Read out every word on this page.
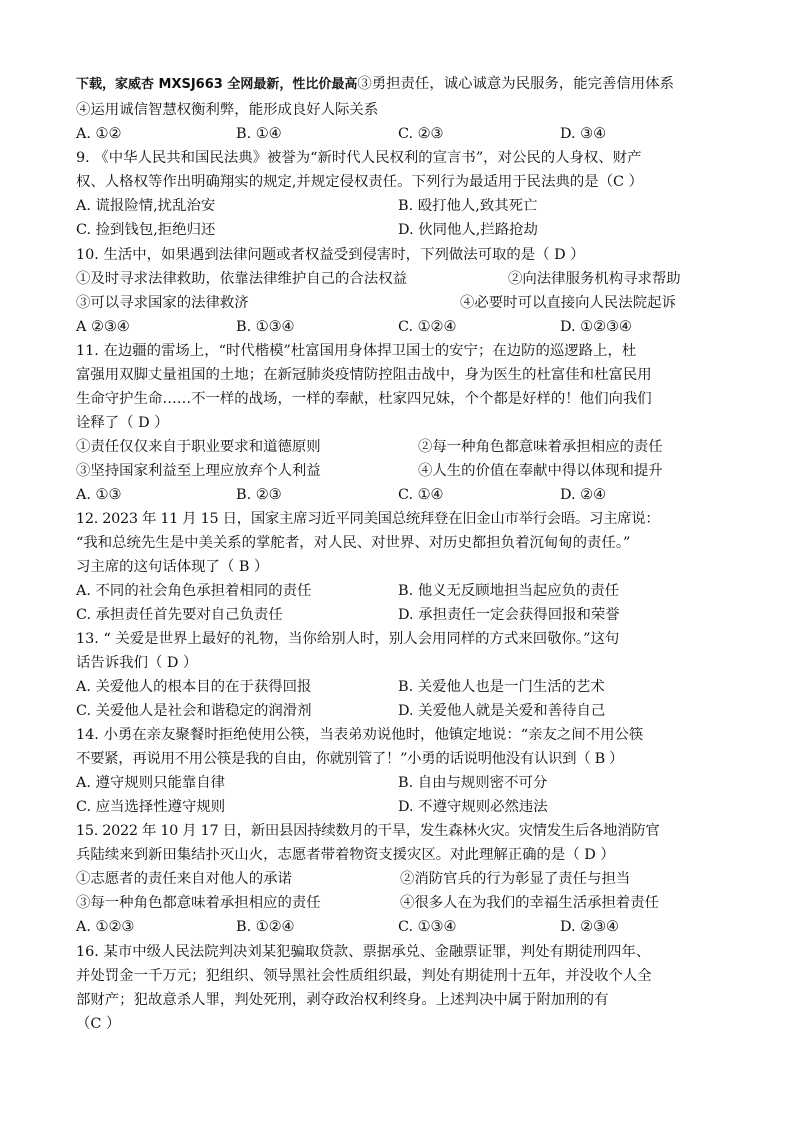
下载，家威杏 MXSJ663 全网最新，性比价最高③勇担责任，诚心诚意为民服务，能完善信用体系
④运用诚信智慧权衡利弊，能形成良好人际关系
A. ①②	B. ①④	C. ②③	D. ③④
9. 《中华人民共和国民法典》被誉为“新时代人民权利的宣言书”，对公民的人身权、财产
权、人格权等作出明确翔实的规定,并规定侵权责任。下列行为最适用于民法典的是（C ）
A. 谎报险情,扰乱治安	B. 殴打他人,致其死亡
C. 捡到钱包,拒绝归还	D. 伙同他人,拦路抢劫
10. 生活中，如果遇到法律问题或者权益受到侵害时，下列做法可取的是（ D ）
①及时寻求法律救助，依靠法律维护自己的合法权益	②向法律服务机构寻求帮助
③可以寻求国家的法律救济	④必要时可以直接向人民法院起诉
A ②③④	B. ①③④	C. ①②④	D. ①②③④
11. 在边疆的雷场上，“时代楷模”杜富国用身体捍卫国士的安宁；在边防的巡逻路上，杜
富强用双脚丈量祖国的土地；在新冠肺炎疫情防控阻击战中，身为医生的杜富佳和杜富民用
生命守护生命……不一样的战场，一样的奉献，杜家四兄妹，个个都是好样的！他们向我们
诠释了（ D ）
①责任仅仅来自于职业要求和道德原则	②每一种角色都意味着承担相应的责任
③坚持国家利益至上理应放弃个人利益	④人生的价值在奉献中得以体现和提升
A. ①③	B. ②③	C. ①④	D. ②④
12. 2023 年 11 月 15 日，国家主席习近平同美国总统拜登在旧金山市举行会晤。习主席说：
“我和总统先生是中美关系的掌舵者，对人民、对世界、对历史都担负着沉甸甸的责任。”
习主席的这句话体现了（ B ）
A. 不同的社会角色承担着相同的责任	B. 他义无反顾地担当起应负的责任
C. 承担责任首先要对自己负责任	D. 承担责任一定会获得回报和荣誉
13. “ 关爱是世界上最好的礼物，当你给别人时，别人会用同样的方式来回敬你。”这句
话告诉我们（ D ）
A. 关爱他人的根本目的在于获得回报	B. 关爱他人也是一门生活的艺术
C. 关爱他人是社会和谐稳定的润滑剂	D. 关爱他人就是关爱和善待自己
14. 小勇在亲友聚餐时拒绝使用公筷，当表弟劝说他时，他镇定地说：“亲友之间不用公筷
不要紧，再说用不用公筷是我的自由，你就别管了！”小勇的话说明他没有认识到（ B ）
A. 遵守规则只能靠自律	B. 自由与规则密不可分
C. 应当选择性遵守规则	D. 不遵守规则必然违法
15. 2022 年 10 月 17 日，新田县因持续数月的干旱，发生森林火灾。灾情发生后各地消防官
兵陆续来到新田集结扑灭山火，志愿者带着物资支援灾区。对此理解正确的是（ D ）
①志愿者的责任来自对他人的承诺	②消防官兵的行为彰显了责任与担当
③每一种角色都意味着承担相应的责任	④很多人在为我们的幸福生活承担着责任
A. ①②③	B. ①②④	C. ①③④	D. ②③④
16. 某市中级人民法院判决刘某犯骗取贷款、票据承兑、金融票证罪，判处有期徒刑四年、
并处罚金一千万元；犯组织、领导黑社会性质组织最，判处有期徒刑十五年，并没收个人全
部财产；犯故意杀人罪，判处死刑，剥夺政治权利终身。上述判决中属于附加刑的有
（C ）
